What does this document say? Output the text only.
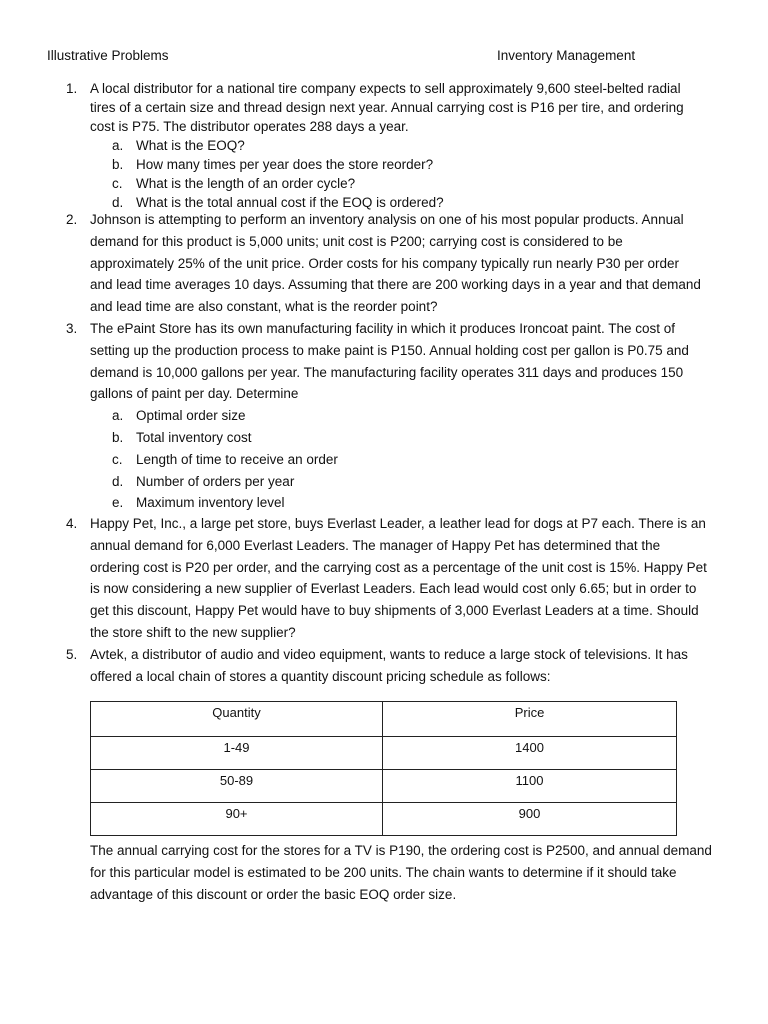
Illustrative Problems	Inventory Management
1. A local distributor for a national tire company expects to sell approximately 9,600 steel-belted radial

tires of a certain size and thread design next year. Annual carrying cost is P16 per tire, and ordering

cost is P75. The distributor operates 288 days a year.

a. What is the EOQ?
b. How many times per year does the store reorder?
c. What is the length of an order cycle?
d. What is the total annual cost if the EOQ is ordered?
2. Johnson is attempting to perform an inventory analysis on one of his most popular products. Annual

demand for this product is 5,000 units; unit cost is P200; carrying cost is considered to be

approximately 25% of the unit price. Order costs for his company typically run nearly P30 per order

and lead time averages 10 days. Assuming that there are 200 working days in a year and that demand

and lead time are also constant, what is the reorder point?

3. The ePaint Store has its own manufacturing facility in which it produces Ironcoat paint. The cost of

setting up the production process to make paint is P150. Annual holding cost per gallon is P0.75 and

demand is 10,000 gallons per year. The manufacturing facility operates 311 days and produces 150

gallons of paint per day. Determine

a. Optimal order size
b. Total inventory cost
c. Length of time to receive an order
d. Number of orders per year
e. Maximum inventory level
4. Happy Pet, Inc., a large pet store, buys Everlast Leader, a leather lead for dogs at P7 each. There is an

annual demand for 6,000 Everlast Leaders. The manager of Happy Pet has determined that the

ordering cost is P20 per order, and the carrying cost as a percentage of the unit cost is 15%. Happy Pet

is now considering a new supplier of Everlast Leaders. Each lead would cost only 6.65; but in order to

get this discount, Happy Pet would have to buy shipments of 3,000 Everlast Leaders at a time. Should

the store shift to the new supplier?

5. Avtek, a distributor of audio and video equipment, wants to reduce a large stock of televisions. It has

offered a local chain of stores a quantity discount pricing schedule as follows:

Quantity	Price
1-49	1400
50-89	1100
90+	900

The annual carrying cost for the stores for a TV is P190, the ordering cost is P2500, and annual demand

for this particular model is estimated to be 200 units. The chain wants to determine if it should take

advantage of this discount or order the basic EOQ order size.
